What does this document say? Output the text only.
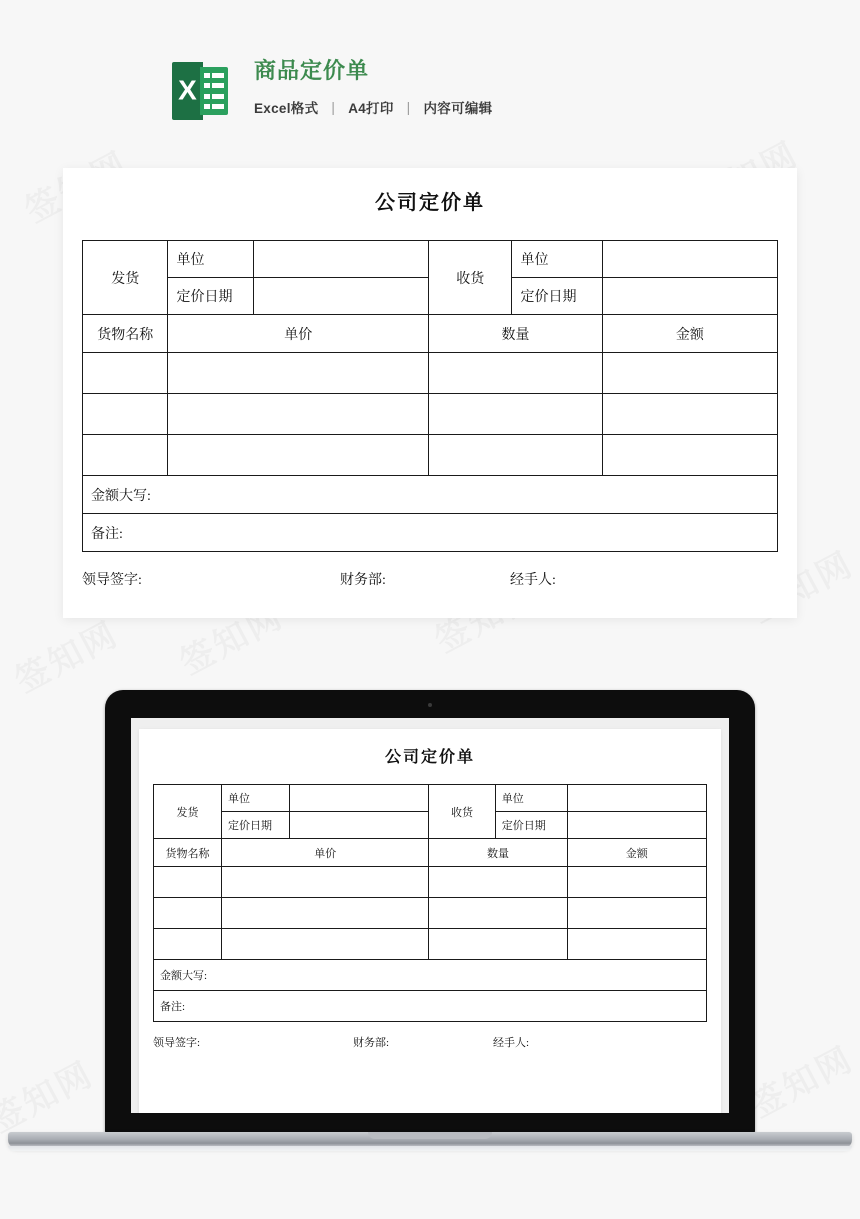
X
商品定价单
Excel格式 | A4打印 | 内容可编辑
公司定价单
发货	单位		收货	单位	
	定价日期			定价日期	
货物名称	单价		数量		金额

金额大写:					
备注:					
领导签字:	财务部:	经手人:
公司定价单
发货	单位		收货	单位	
	定价日期			定价日期	
货物名称	单价		数量		金额

金额大写:					
备注:					
领导签字:	财务部:	经手人:
